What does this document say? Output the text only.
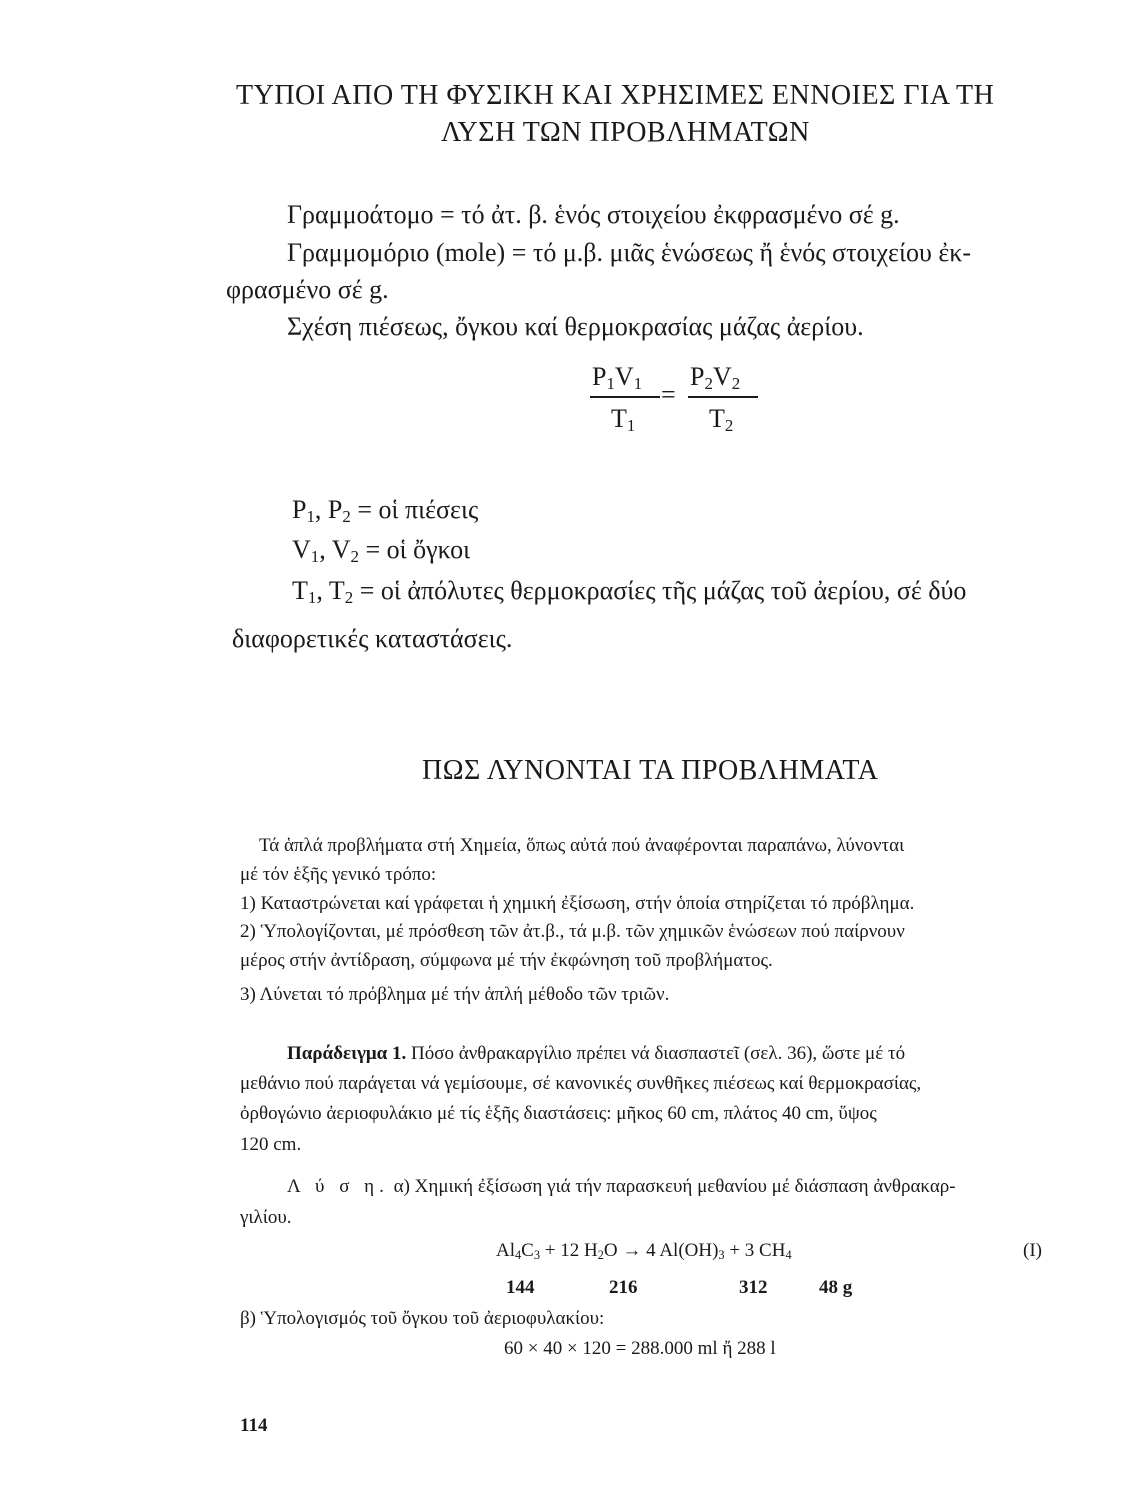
ΤΥΠΟΙ ΑΠΟ ΤΗ ΦΥΣΙΚΗ ΚΑΙ ΧΡΗΣΙΜΕΣ ΕΝΝΟΙΕΣ ΓΙΑ ΤΗ
ΛΥΣΗ ΤΩΝ ΠΡΟΒΛΗΜΑΤΩΝ
Γραμμοάτομο = τό ἀτ. β. ἑνός στοιχείου ἐκφρασμένο σέ g.
Γραμμομόριο (mole) = τό μ.β. μιᾶς ἑνώσεως ἤ ἑνός στοιχείου ἐκ-
φρασμένο σέ g.
Σχέση πιέσεως, ὄγκου καί θερμοκρασίας μάζας ἀερίου.
$P_1V_1$
$T_1$
=
$P_2V_2$
$T_2$
$P_1$, $P_2$ = οἱ πιέσεις
$V_1$, $V_2$ = οἱ ὄγκοι
$T_1$, $T_2$ = οἱ ἀπόλυτες θερμοκρασίες τῆς μάζας τοῦ ἀερίου, σέ δύο
διαφορετικές καταστάσεις.
ΠΩΣ ΛΥΝΟΝΤΑΙ ΤΑ ΠΡΟΒΛΗΜΑΤΑ
Τά ἁπλά προβλήματα στή Χημεία, ὅπως αὐτά πού ἀναφέρονται παραπάνω, λύνονται
μέ τόν ἑξῆς γενικό τρόπο:
1) Καταστρώνεται καί γράφεται ἡ χημική ἐξίσωση, στήν ὁποία στηρίζεται τό πρόβλημα.
2) Ὑπολογίζονται, μέ πρόσθεση τῶν ἀτ.β., τά μ.β. τῶν χημικῶν ἑνώσεων πού παίρνουν
μέρος στήν ἀντίδραση, σύμφωνα μέ τήν ἐκφώνηση τοῦ προβλήματος.
3) Λύνεται τό πρόβλημα μέ τήν ἁπλή μέθοδο τῶν τριῶν.
Παράδειγμα 1. Πόσο ἀνθρακαργίλιο πρέπει νά διασπαστεῖ (σελ. 36), ὥστε μέ τό
μεθάνιο πού παράγεται νά γεμίσουμε, σέ κανονικές συνθῆκες πιέσεως καί θερμοκρασίας,
ὀρθογώνιο ἀεριοφυλάκιο μέ τίς ἑξῆς διαστάσεις: μῆκος 60 cm, πλάτος 40 cm, ὕψος
120 cm.
Λ ύ σ η. α) Χημική ἐξίσωση γιά τήν παρασκευή μεθανίου μέ διάσπαση ἀνθρακαρ-
γιλίου.
$Al_4C_3 + 12$ $H_2O \to 4$ $Al(OH)_3 + 3$ $CH_4$	(I)
144	216	312	48 g
β) Ὑπολογισμός τοῦ ὄγκου τοῦ ἀεριοφυλακίου:
60 × 40 × 120 = 288.000 ml ἤ 288 l
114
